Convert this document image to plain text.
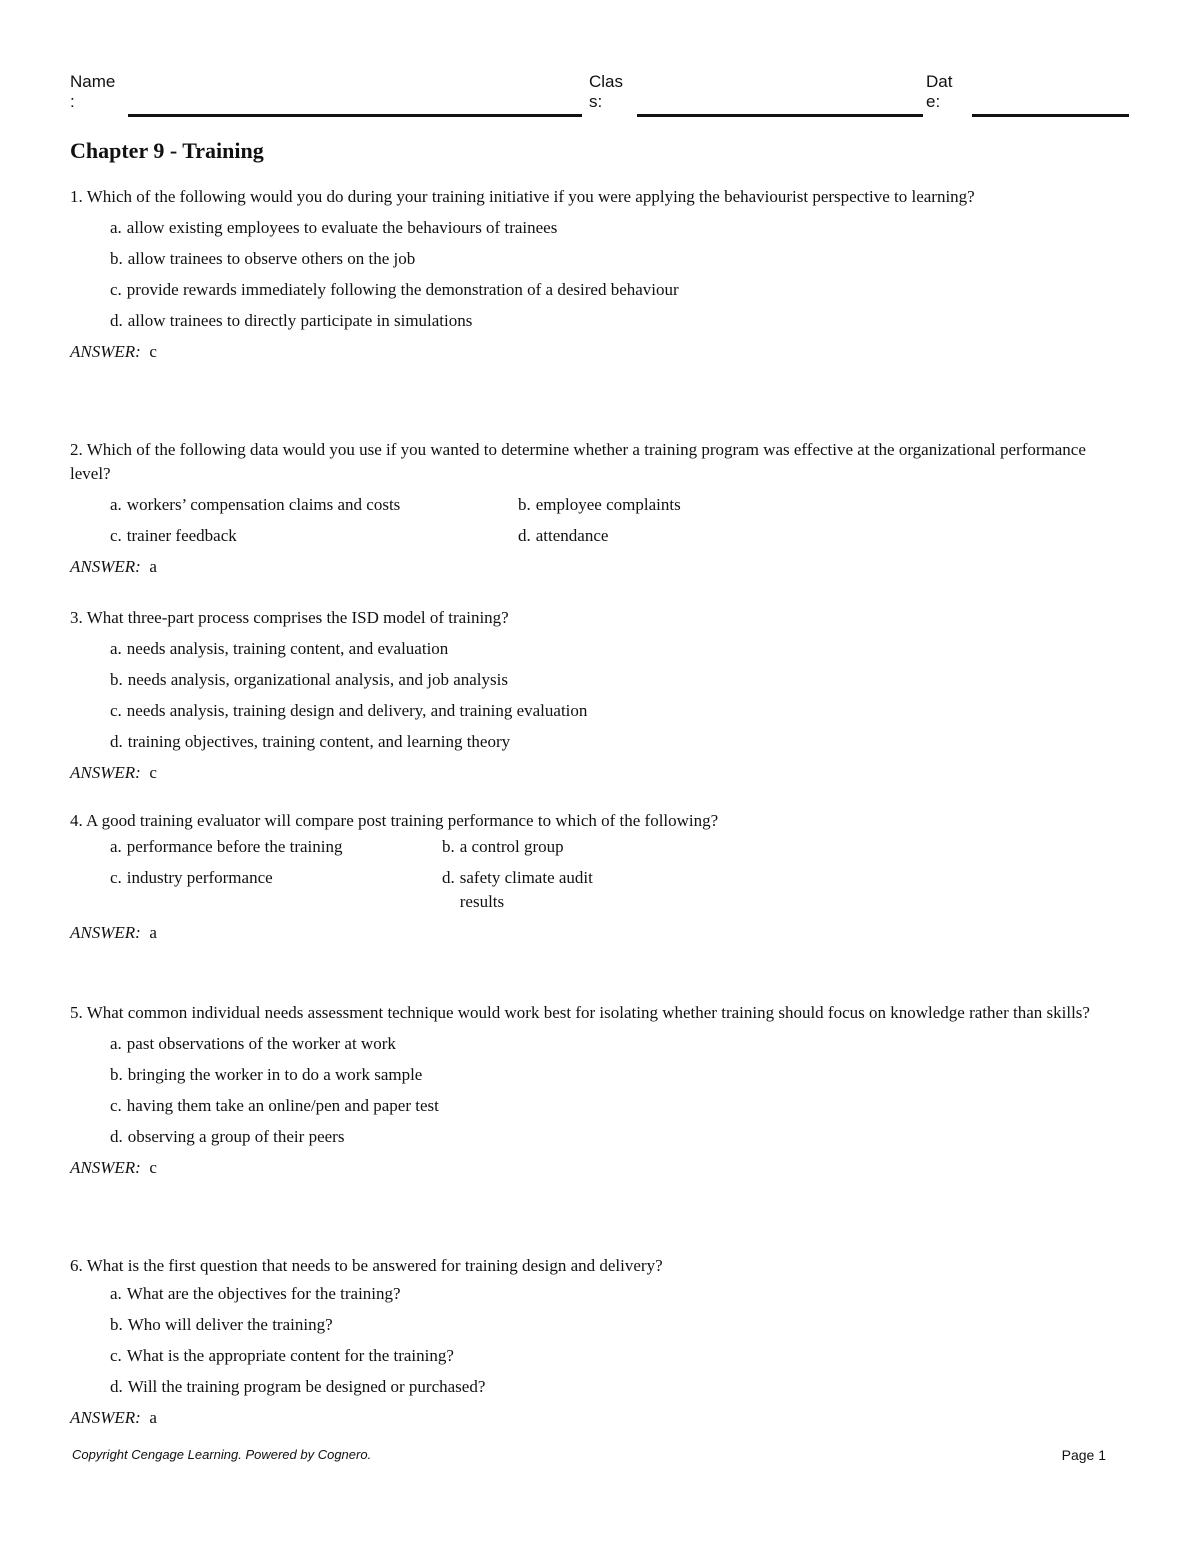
Name
:
Clas
s:
Dat
e:
Chapter 9 - Training

1. Which of the following would you do during your training initiative if you were applying the behaviourist perspective to learning?

a. allow existing employees to evaluate the behaviours of trainees
b. allow trainees to observe others on the job
c. provide rewards immediately following the demonstration of a desired behaviour
d. allow trainees to directly participate in simulations
ANSWER: c

2. Which of the following data would you use if you wanted to determine whether a training program was effective at the organizational performance level?

a. workers’ compensation claims and costs	b. employee complaints
c. trainer feedback	d. attendance
ANSWER: a

3. What three-part process comprises the ISD model of training?

a. needs analysis, training content, and evaluation
b. needs analysis, organizational analysis, and job analysis
c. needs analysis, training design and delivery, and training evaluation
d. training objectives, training content, and learning theory
ANSWER: c

4. A good training evaluator will compare post training performance to which of the following?

a. performance before the training	b. a control group
c. industry performance	d. safety climate audit results
ANSWER: a

5. What common individual needs assessment technique would work best for isolating whether training should focus on knowledge rather than skills?

a. past observations of the worker at work
b. bringing the worker in to do a work sample
c. having them take an online/pen and paper test
d. observing a group of their peers
ANSWER: c

6. What is the first question that needs to be answered for training design and delivery?

a. What are the objectives for the training?
b. Who will deliver the training?
c. What is the appropriate content for the training?
d. Will the training program be designed or purchased?
ANSWER: a
Copyright Cengage Learning. Powered by Cognero.	Page 1
